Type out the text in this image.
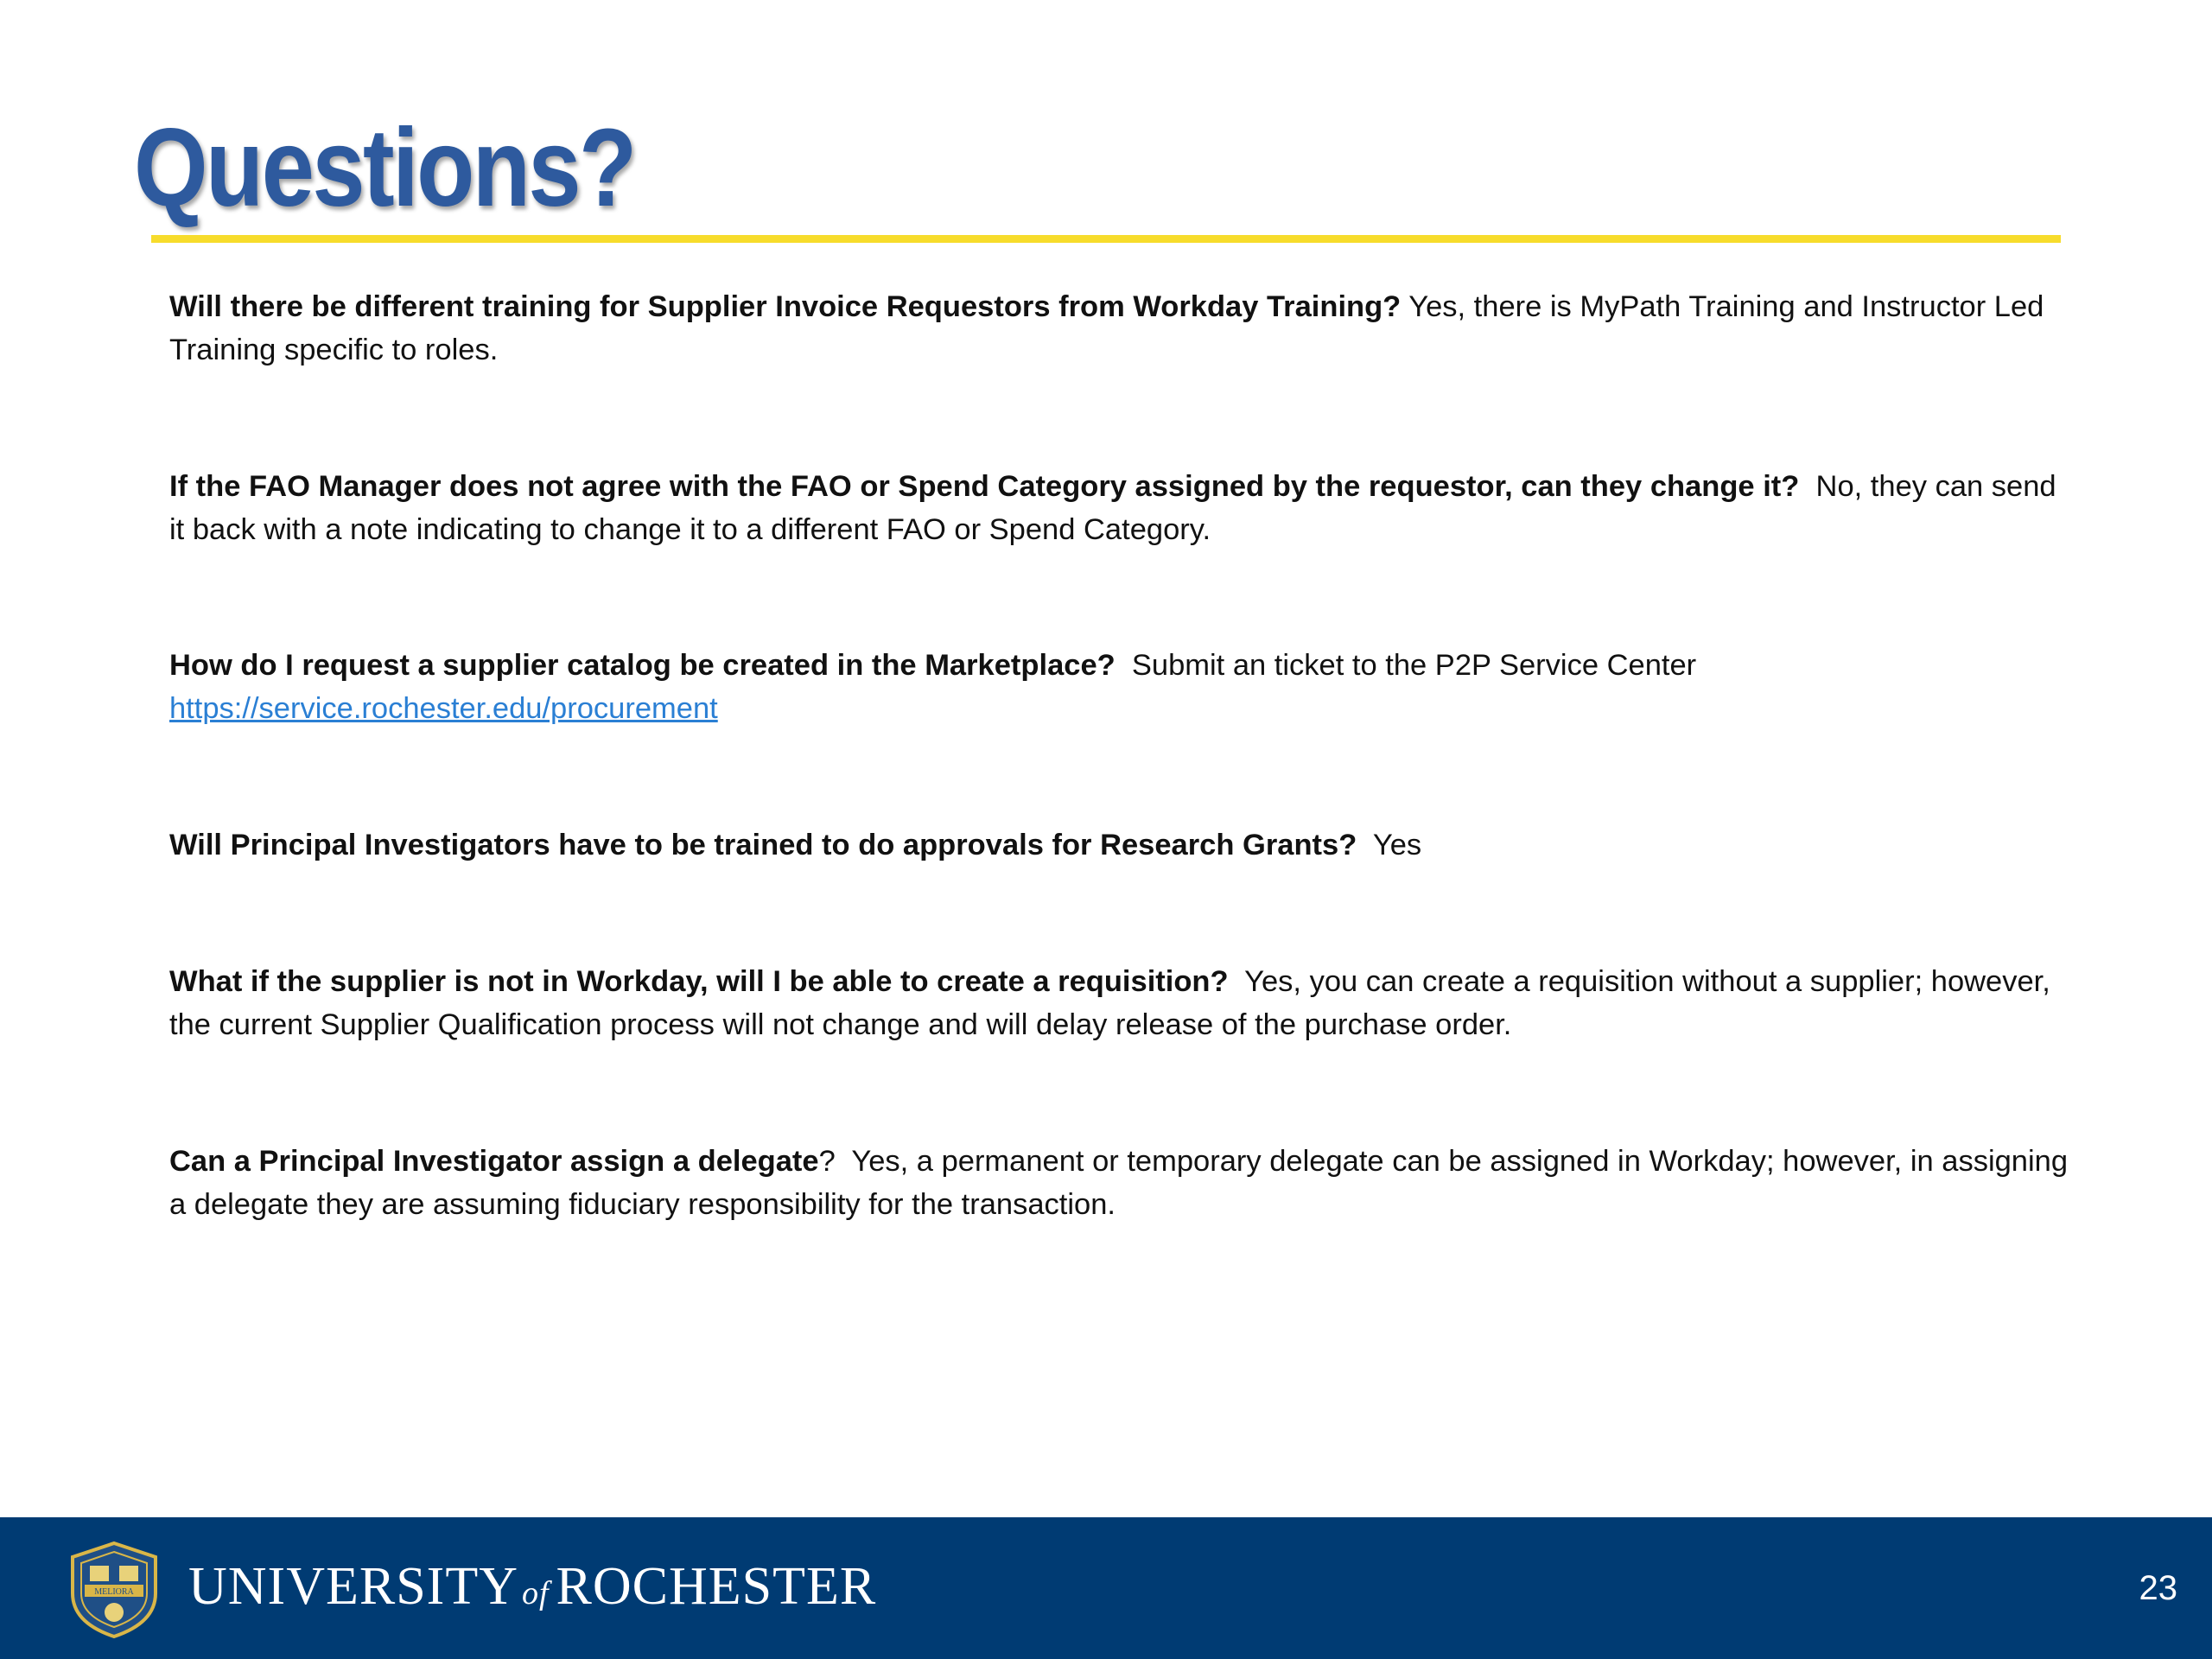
Questions?
Will there be different training for Supplier Invoice Requestors from Workday Training? Yes, there is MyPath Training and Instructor Led Training specific to roles.
If the FAO Manager does not agree with the FAO or Spend Category assigned by the requestor, can they change it? No, they can send it back with a note indicating to change it to a different FAO or Spend Category.
How do I request a supplier catalog be created in the Marketplace? Submit an ticket to the P2P Service Center
https://service.rochester.edu/procurement
Will Principal Investigators have to be trained to do approvals for Research Grants? Yes
What if the supplier is not in Workday, will I be able to create a requisition? Yes, you can create a requisition without a supplier; however, the current Supplier Qualification process will not change and will delay release of the purchase order.
Can a Principal Investigator assign a delegate? Yes, a permanent or temporary delegate can be assigned in Workday; however, in assigning a delegate they are assuming fiduciary responsibility for the transaction.
MELIORA UNIVERSITY of ROCHESTER	23
